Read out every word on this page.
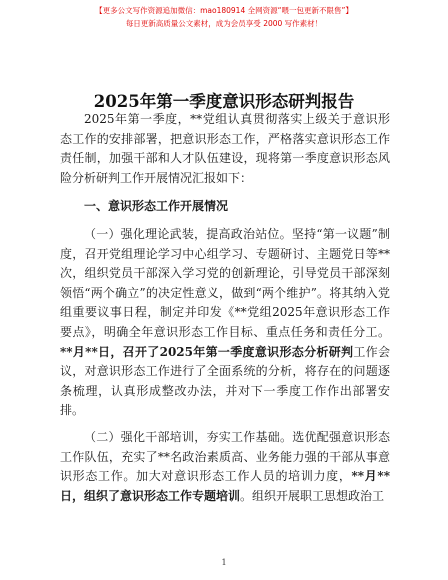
【更多公文写作资源追加微信：mao180914 全网资源“喂一包更新不限售”】
每日更新高质量公文素材，成为会员享受 2000 写作素材！
2025年第一季度意识形态研判报告

2025年第一季度，**党组认真贯彻落实上级关于意识形态工作的安排部署，把意识形态工作，严格落实意识形态工作责任制，加强干部和人才队伍建设，现将第一季度意识形态风险分析研判工作开展情况汇报如下：

一、意识形态工作开展情况

（一）强化理论武装，提高政治站位。坚持“第一议题”制度，召开党组理论学习中心组学习、专题研讨、主题党日等**次，组织党员干部深入学习党的创新理论，引导党员干部深刻领悟“两个确立”的决定性意义，做到“两个维护”。将其纳入党组重要议事日程，制定并印发《**党组2025年意识形态工作要点》，明确全年意识形态工作目标、重点任务和责任分工。**月**日，召开了2025年第一季度意识形态分析研判工作会议，对意识形态工作进行了全面系统的分析，将存在的问题逐条梳理，认真形成整改办法，并对下一季度工作作出部署安排。

（二）强化干部培训，夯实工作基础。选优配强意识形态工作队伍，充实了**名政治素质高、业务能力强的干部从事意识形态工作。加大对意识形态工作人员的培训力度，**月**日，组织了意识形态工作专题培训。组织开展职工思想政治工

1
